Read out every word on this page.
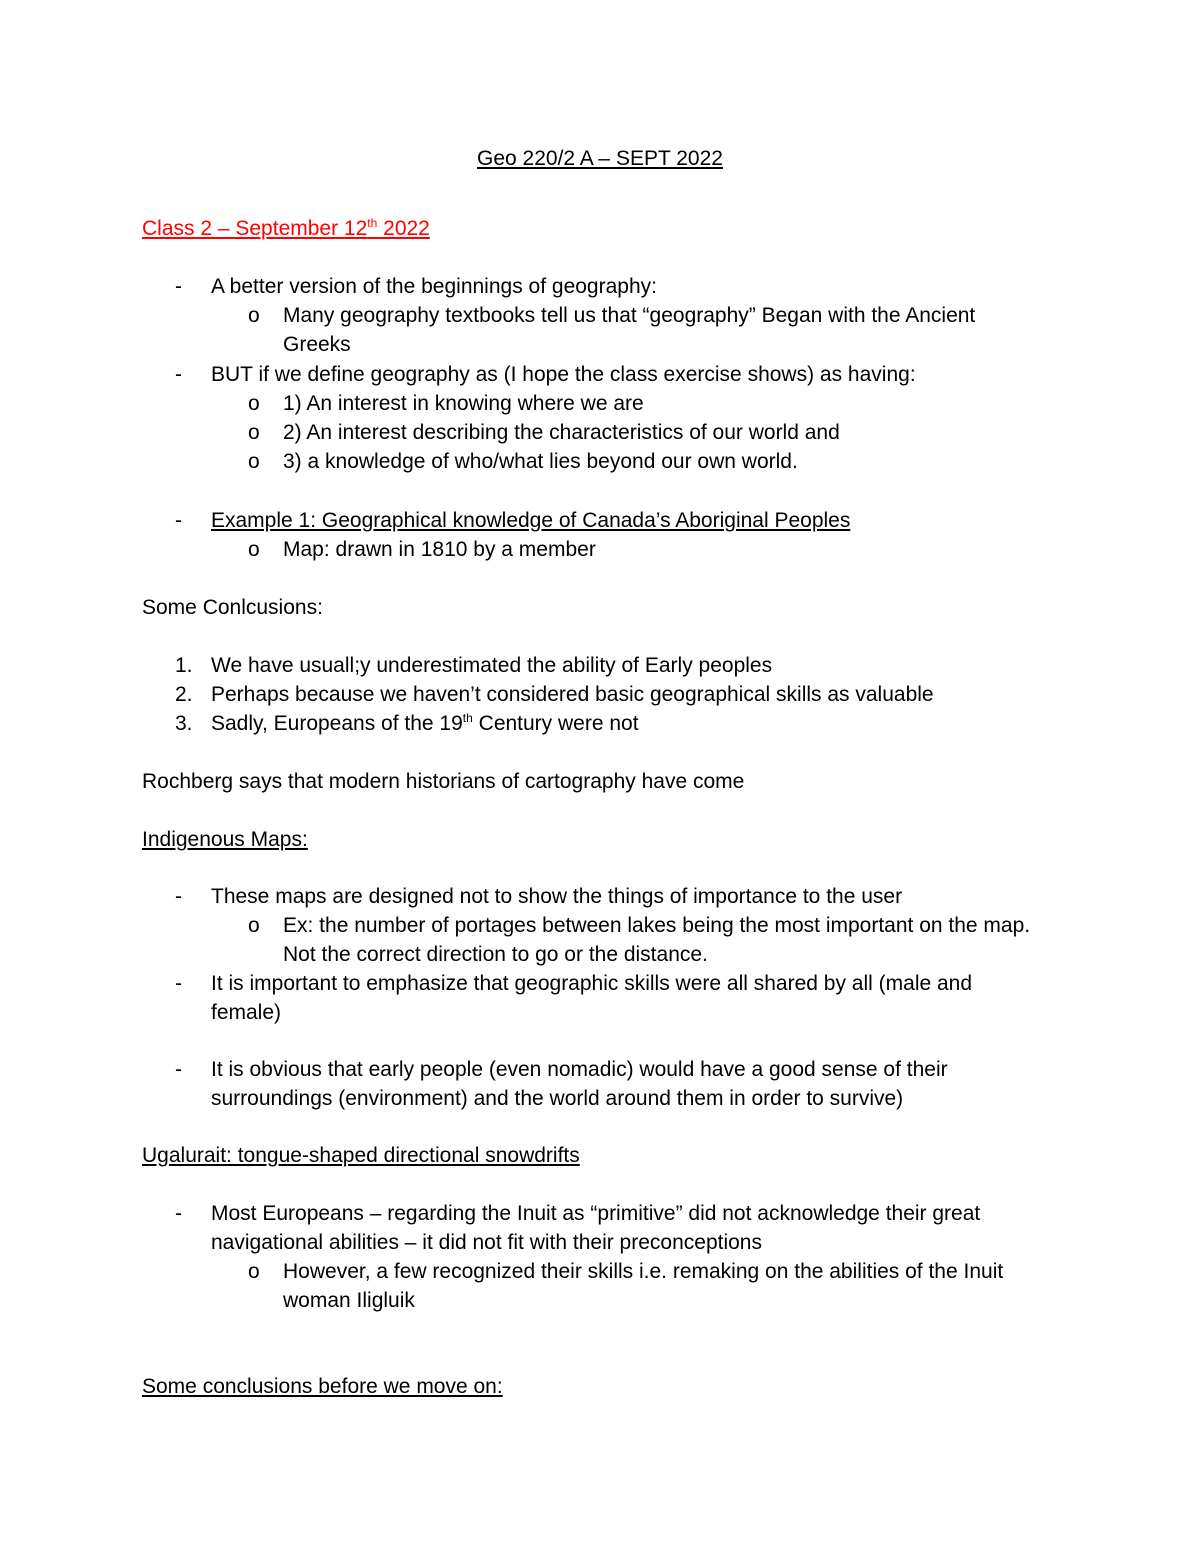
Geo 220/2 A – SEPT 2022
Class 2 – September 12th 2022
- A better version of the beginnings of geography:
o Many geography textbooks tell us that “geography” Began with the Ancient
Greeks
- BUT if we define geography as (I hope the class exercise shows) as having:
o 1) An interest in knowing where we are
o 2) An interest describing the characteristics of our world and
o 3) a knowledge of who/what lies beyond our own world.
- Example 1: Geographical knowledge of Canada’s Aboriginal Peoples
o Map: drawn in 1810 by a member
Some Conlcusions:
1. We have usuall;y underestimated the ability of Early peoples
2. Perhaps because we haven’t considered basic geographical skills as valuable
3. Sadly, Europeans of the 19th Century were not
Rochberg says that modern historians of cartography have come
Indigenous Maps:
- These maps are designed not to show the things of importance to the user
o Ex: the number of portages between lakes being the most important on the map.
Not the correct direction to go or the distance.
- It is important to emphasize that geographic skills were all shared by all (male and
female)
- It is obvious that early people (even nomadic) would have a good sense of their
surroundings (environment) and the world around them in order to survive)
Ugalurait: tongue-shaped directional snowdrifts
- Most Europeans – regarding the Inuit as “primitive” did not acknowledge their great
navigational abilities – it did not fit with their preconceptions
o However, a few recognized their skills i.e. remaking on the abilities of the Inuit
woman Iligluik
Some conclusions before we move on:
